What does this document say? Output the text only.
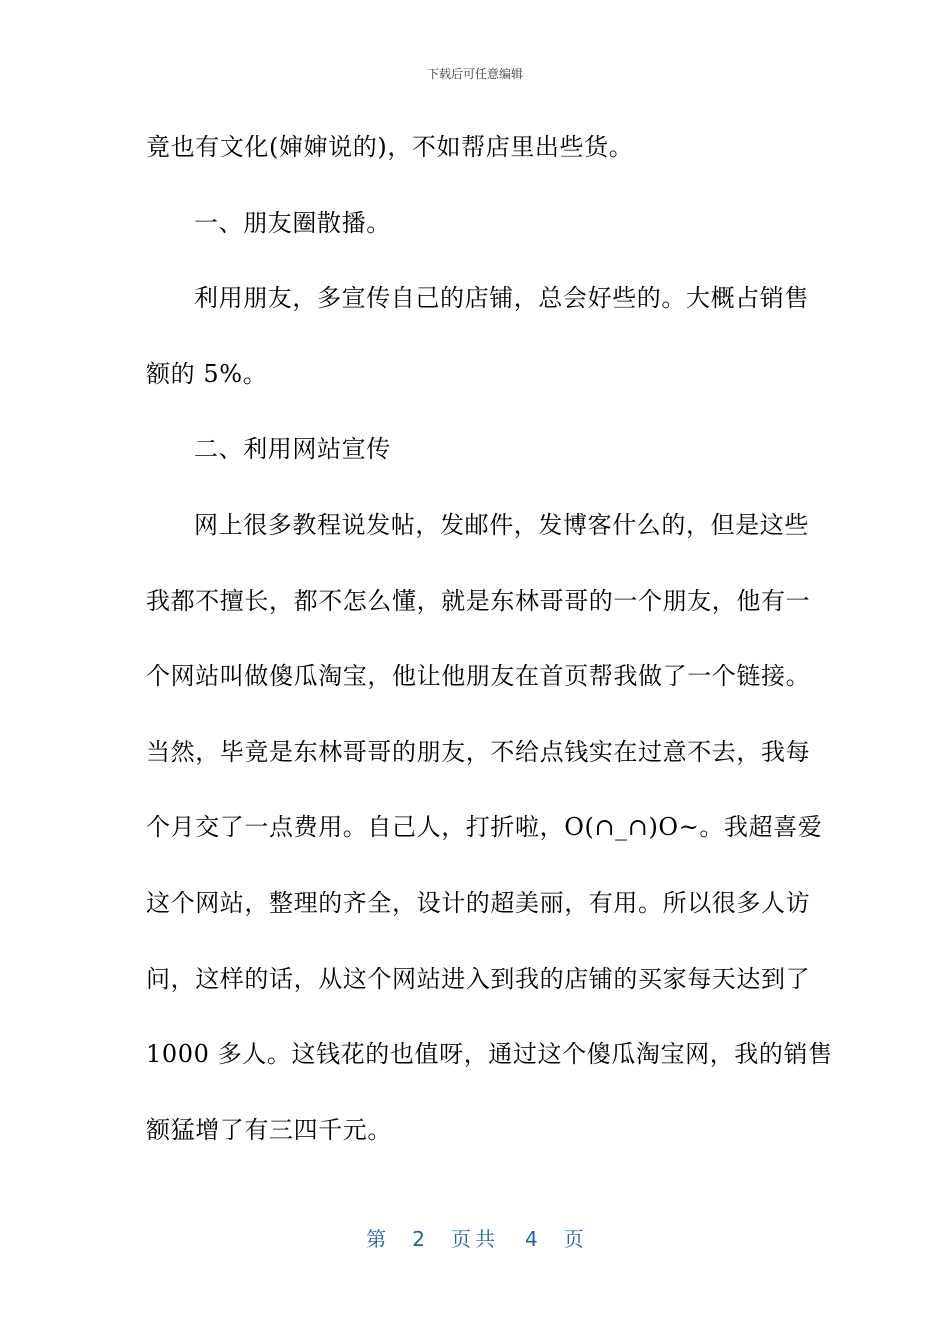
下载后可任意编辑
竟也有文化(婶婶说的)，不如帮店里出些货。
一、朋友圈散播。
利用朋友，多宣传自己的店铺，总会好些的。大概占销售
额的 5%。
二、利用网站宣传
网上很多教程说发帖，发邮件，发博客什么的，但是这些
我都不擅长，都不怎么懂，就是东林哥哥的一个朋友，他有一
个网站叫做傻瓜淘宝，他让他朋友在首页帮我做了一个链接。
当然，毕竟是东林哥哥的朋友，不给点钱实在过意不去，我每
个月交了一点费用。自己人，打折啦，O(∩_∩)O~。我超喜爱
这个网站，整理的齐全，设计的超美丽，有用。所以很多人访
问，这样的话，从这个网站进入到我的店铺的买家每天达到了
1000 多人。这钱花的也值呀，通过这个傻瓜淘宝网，我的销售
额猛增了有三四千元。
第 2 页共 4 页
